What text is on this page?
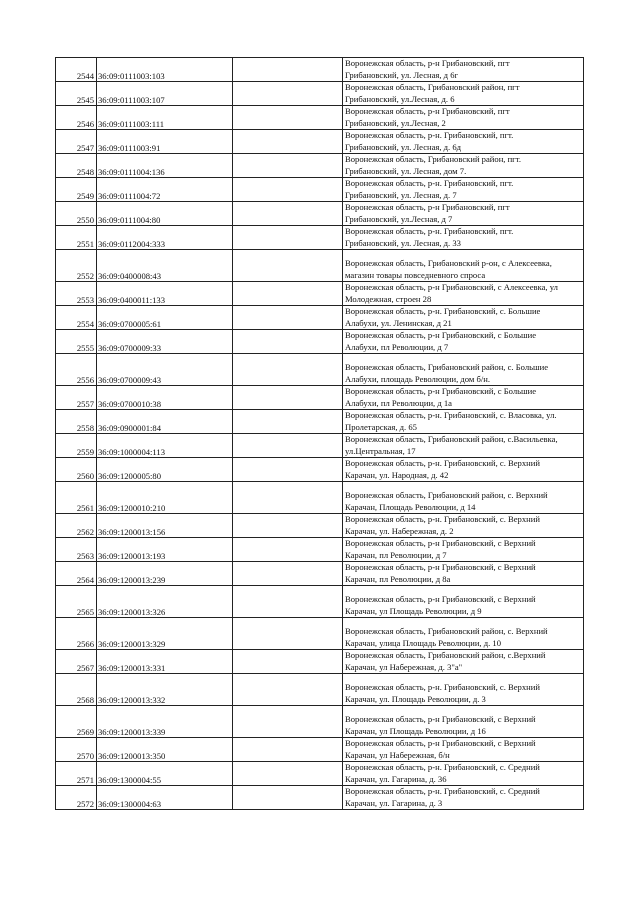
2544	36:09:0111003:103		Воронежская область, р-н Грибановский, пгт
Грибановский, ул. Лесная, д 6г

2545	36:09:0111003:107		Воронежская область, Грибановский район, пгт
Грибановский, ул.Лесная, д. 6

2546	36:09:0111003:111		Воронежская область, р-н Грибановский, пгт
Грибановский, ул.Лесная, 2

2547	36:09:0111003:91		Воронежская область, р-н. Грибановский, пгт.
Грибановский, ул. Лесная, д. 6д

2548	36:09:0111004:136		Воронежская область, Грибановский район, пгт.
Грибановский, ул. Лесная, дом 7.

2549	36:09:0111004:72		Воронежская область, р-н. Грибановский, пгт.
Грибановский, ул. Лесная, д. 7

2550	36:09:0111004:80		Воронежская область, р-н Грибановский, пгт
Грибановский, ул.Лесная, д 7

2551	36:09:0112004:333		Воронежская область, р-н. Грибановский, пгт.
Грибановский, ул. Лесная, д. 33

2552	36:09:0400008:43		Воронежская область, Грибановский р-он, с Алексеевка,
магазин товары повседневного спроса

2553	36:09:0400011:133		Воронежская область, р-н Грибановский, с Алексеевка, ул
Молодежная, строен 28

2554	36:09:0700005:61		Воронежская область, р-н. Грибановский, с. Большие
Алабухи, ул. Ленинская, д 21

2555	36:09:0700009:33		Воронежская область, р-н Грибановский, с Большие
Алабухи, пл Революции, д 7

2556	36:09:0700009:43		Воронежская область, Грибановский район, с. Большие
Алабухи, площадь Революции, дом б/н.

2557	36:09:0700010:38		Воронежская область, р-н Грибановский, с Большие
Алабухи, пл Революции, д 1а

2558	36:09:0900001:84		Воронежская область, р-н. Грибановский, с. Власовка, ул.
Пролетарская, д. 65

2559	36:09:1000004:113		Воронежская область, Грибановский район, с.Васильевка,
ул.Центральная, 17

2560	36:09:1200005:80		Воронежская область, р-н. Грибановский, с. Верхний
Карачан, ул. Народная, д. 42

2561	36:09:1200010:210		Воронежская область, Грибановский район, с. Верхний
Карачан, Площадь Революции, д 14

2562	36:09:1200013:156		Воронежская область, р-н. Грибановский, с. Верхний
Карачан, ул. Набережная, д. 2

2563	36:09:1200013:193		Воронежская область, р-н Грибановский, с Верхний
Карачан, пл Революции, д 7

2564	36:09:1200013:239		Воронежская область, р-н Грибановский, с Верхний
Карачан, пл Революции, д 8а

2565	36:09:1200013:326		Воронежская область, р-н Грибановский, с Верхний
Карачан, ул Площадь Революции, д 9

2566	36:09:1200013:329		Воронежская область, Грибановский район, с. Верхний
Карачан, улица Площадь Революции, д. 10

2567	36:09:1200013:331		Воронежская область, Грибановский район, с.Верхний
Карачан, ул Набережная, д. 3"а"

2568	36:09:1200013:332		Воронежская область, р-н. Грибановский, с. Верхний
Карачан, ул. Площадь Революции, д. 3

2569	36:09:1200013:339		Воронежская область, р-н Грибановский, с Верхний
Карачан, ул Площадь Революции, д 16

2570	36:09:1200013:350		Воронежская область, р-н Грибановский, с Верхний
Карачан, ул Набережная, б/н

2571	36:09:1300004:55		Воронежская область, р-н. Грибановский, с. Средний
Карачан, ул. Гагарина, д. 36

2572	36:09:1300004:63		Воронежская область, р-н. Грибановский, с. Средний
Карачан, ул. Гагарина, д. 3
